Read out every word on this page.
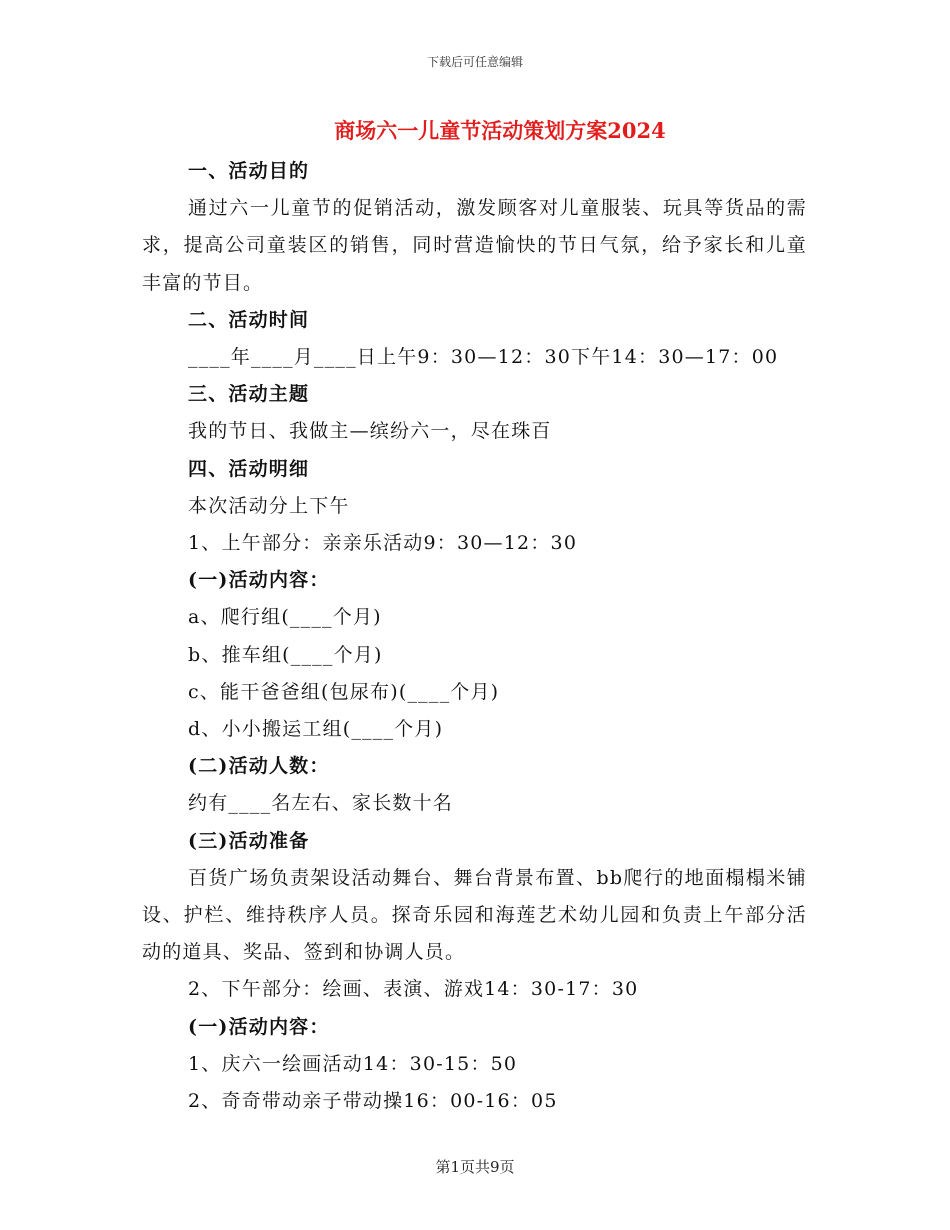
下载后可任意编辑
商场六一儿童节活动策划方案2024
一、活动目的

通过六一儿童节的促销活动，激发顾客对儿童服装、玩具等货品的需求，提高公司童装区的销售，同时营造愉快的节日气氛，给予家长和儿童丰富的节目。

二、活动时间
____年____月____日上午9：30—12：30下午14：30—17：00
三、活动主题
我的节日、我做主—缤纷六一，尽在珠百
四、活动明细
本次活动分上下午
1、上午部分：亲亲乐活动9：30—12：30
(一)活动内容：
a、爬行组(____个月)
b、推车组(____个月)
c、能干爸爸组(包尿布)(____个月)
d、小小搬运工组(____个月)
(二)活动人数：
约有____名左右、家长数十名
(三)活动准备

百货广场负责架设活动舞台、舞台背景布置、bb爬行的地面榻榻米铺设、护栏、维持秩序人员。探奇乐园和海莲艺术幼儿园和负责上午部分活动的道具、奖品、签到和协调人员。

2、下午部分：绘画、表演、游戏14：30-17：30
(一)活动内容：
1、庆六一绘画活动14：30-15：50
2、奇奇带动亲子带动操16：00-16：05
第1页共9页
